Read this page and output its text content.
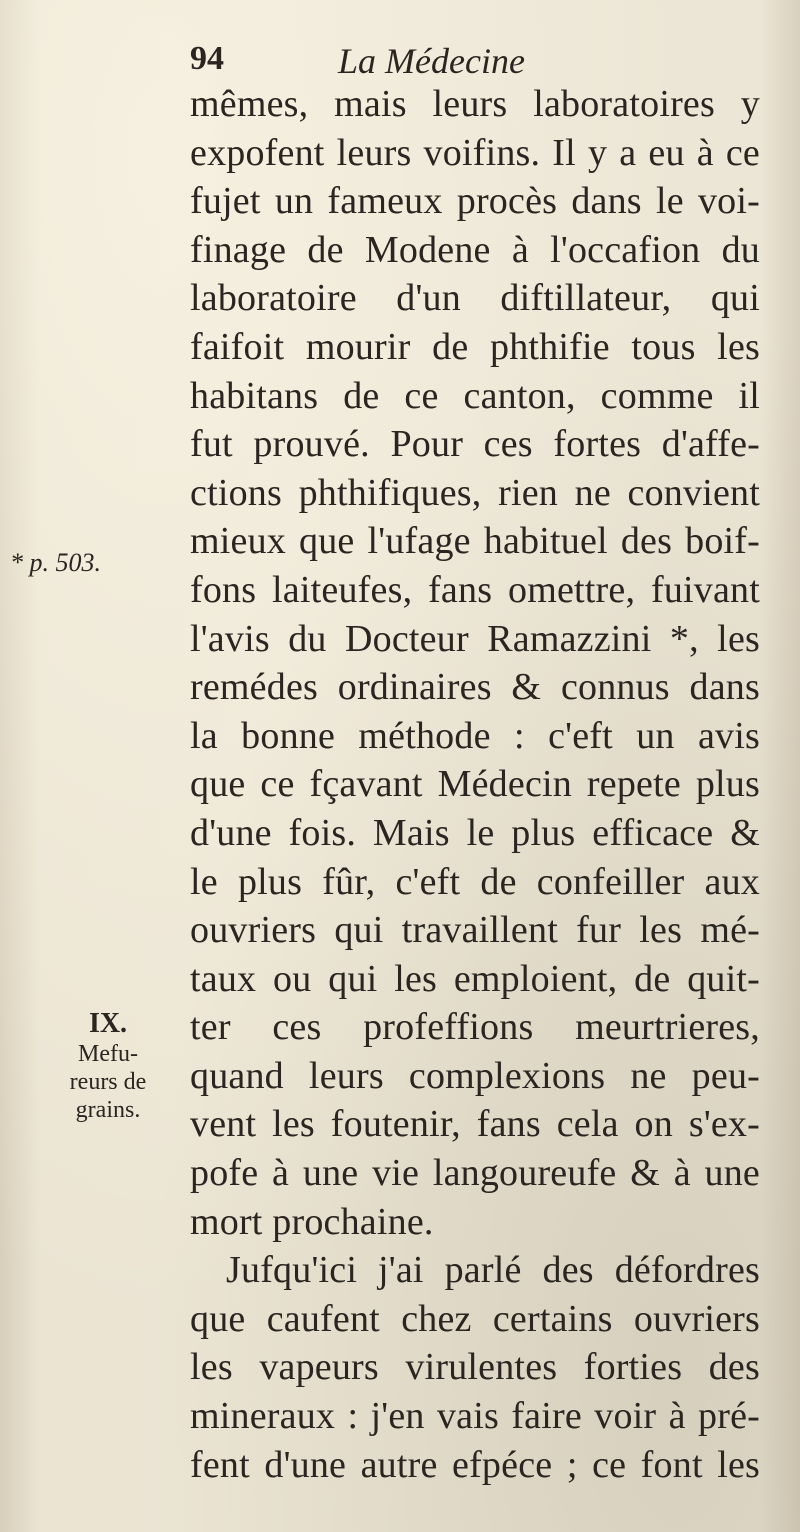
94	La Médecine
* p. 503.
IX.
Mefu-
reurs de
grains.
mêmes, mais leurs laboratoires y
expofent leurs voifins. Il y a eu à ce
fujet un fameux procès dans le voi-
finage de Modene à l'occafion du
laboratoire d'un diftillateur, qui
faifoit mourir de phthifie tous les
habitans de ce canton, comme il
fut prouvé. Pour ces fortes d'affe-
ctions phthifiques, rien ne convient
mieux que l'ufage habituel des boif-
fons laiteufes, fans omettre, fuivant
l'avis du Docteur Ramazzini *, les
remédes ordinaires & connus dans
la bonne méthode : c'eft un avis
que ce fçavant Médecin repete plus
d'une fois. Mais le plus efficace &
le plus fûr, c'eft de confeiller aux
ouvriers qui travaillent fur les mé-
taux ou qui les emploient, de quit-
ter ces profeffions meurtrieres,
quand leurs complexions ne peu-
vent les foutenir, fans cela on s'ex-
pofe à une vie langoureufe & à une
mort prochaine.
Jufqu'ici j'ai parlé des défordres
que caufent chez certains ouvriers
les vapeurs virulentes forties des
mineraux : j'en vais faire voir à pré-
fent d'une autre efpéce ; ce font les
